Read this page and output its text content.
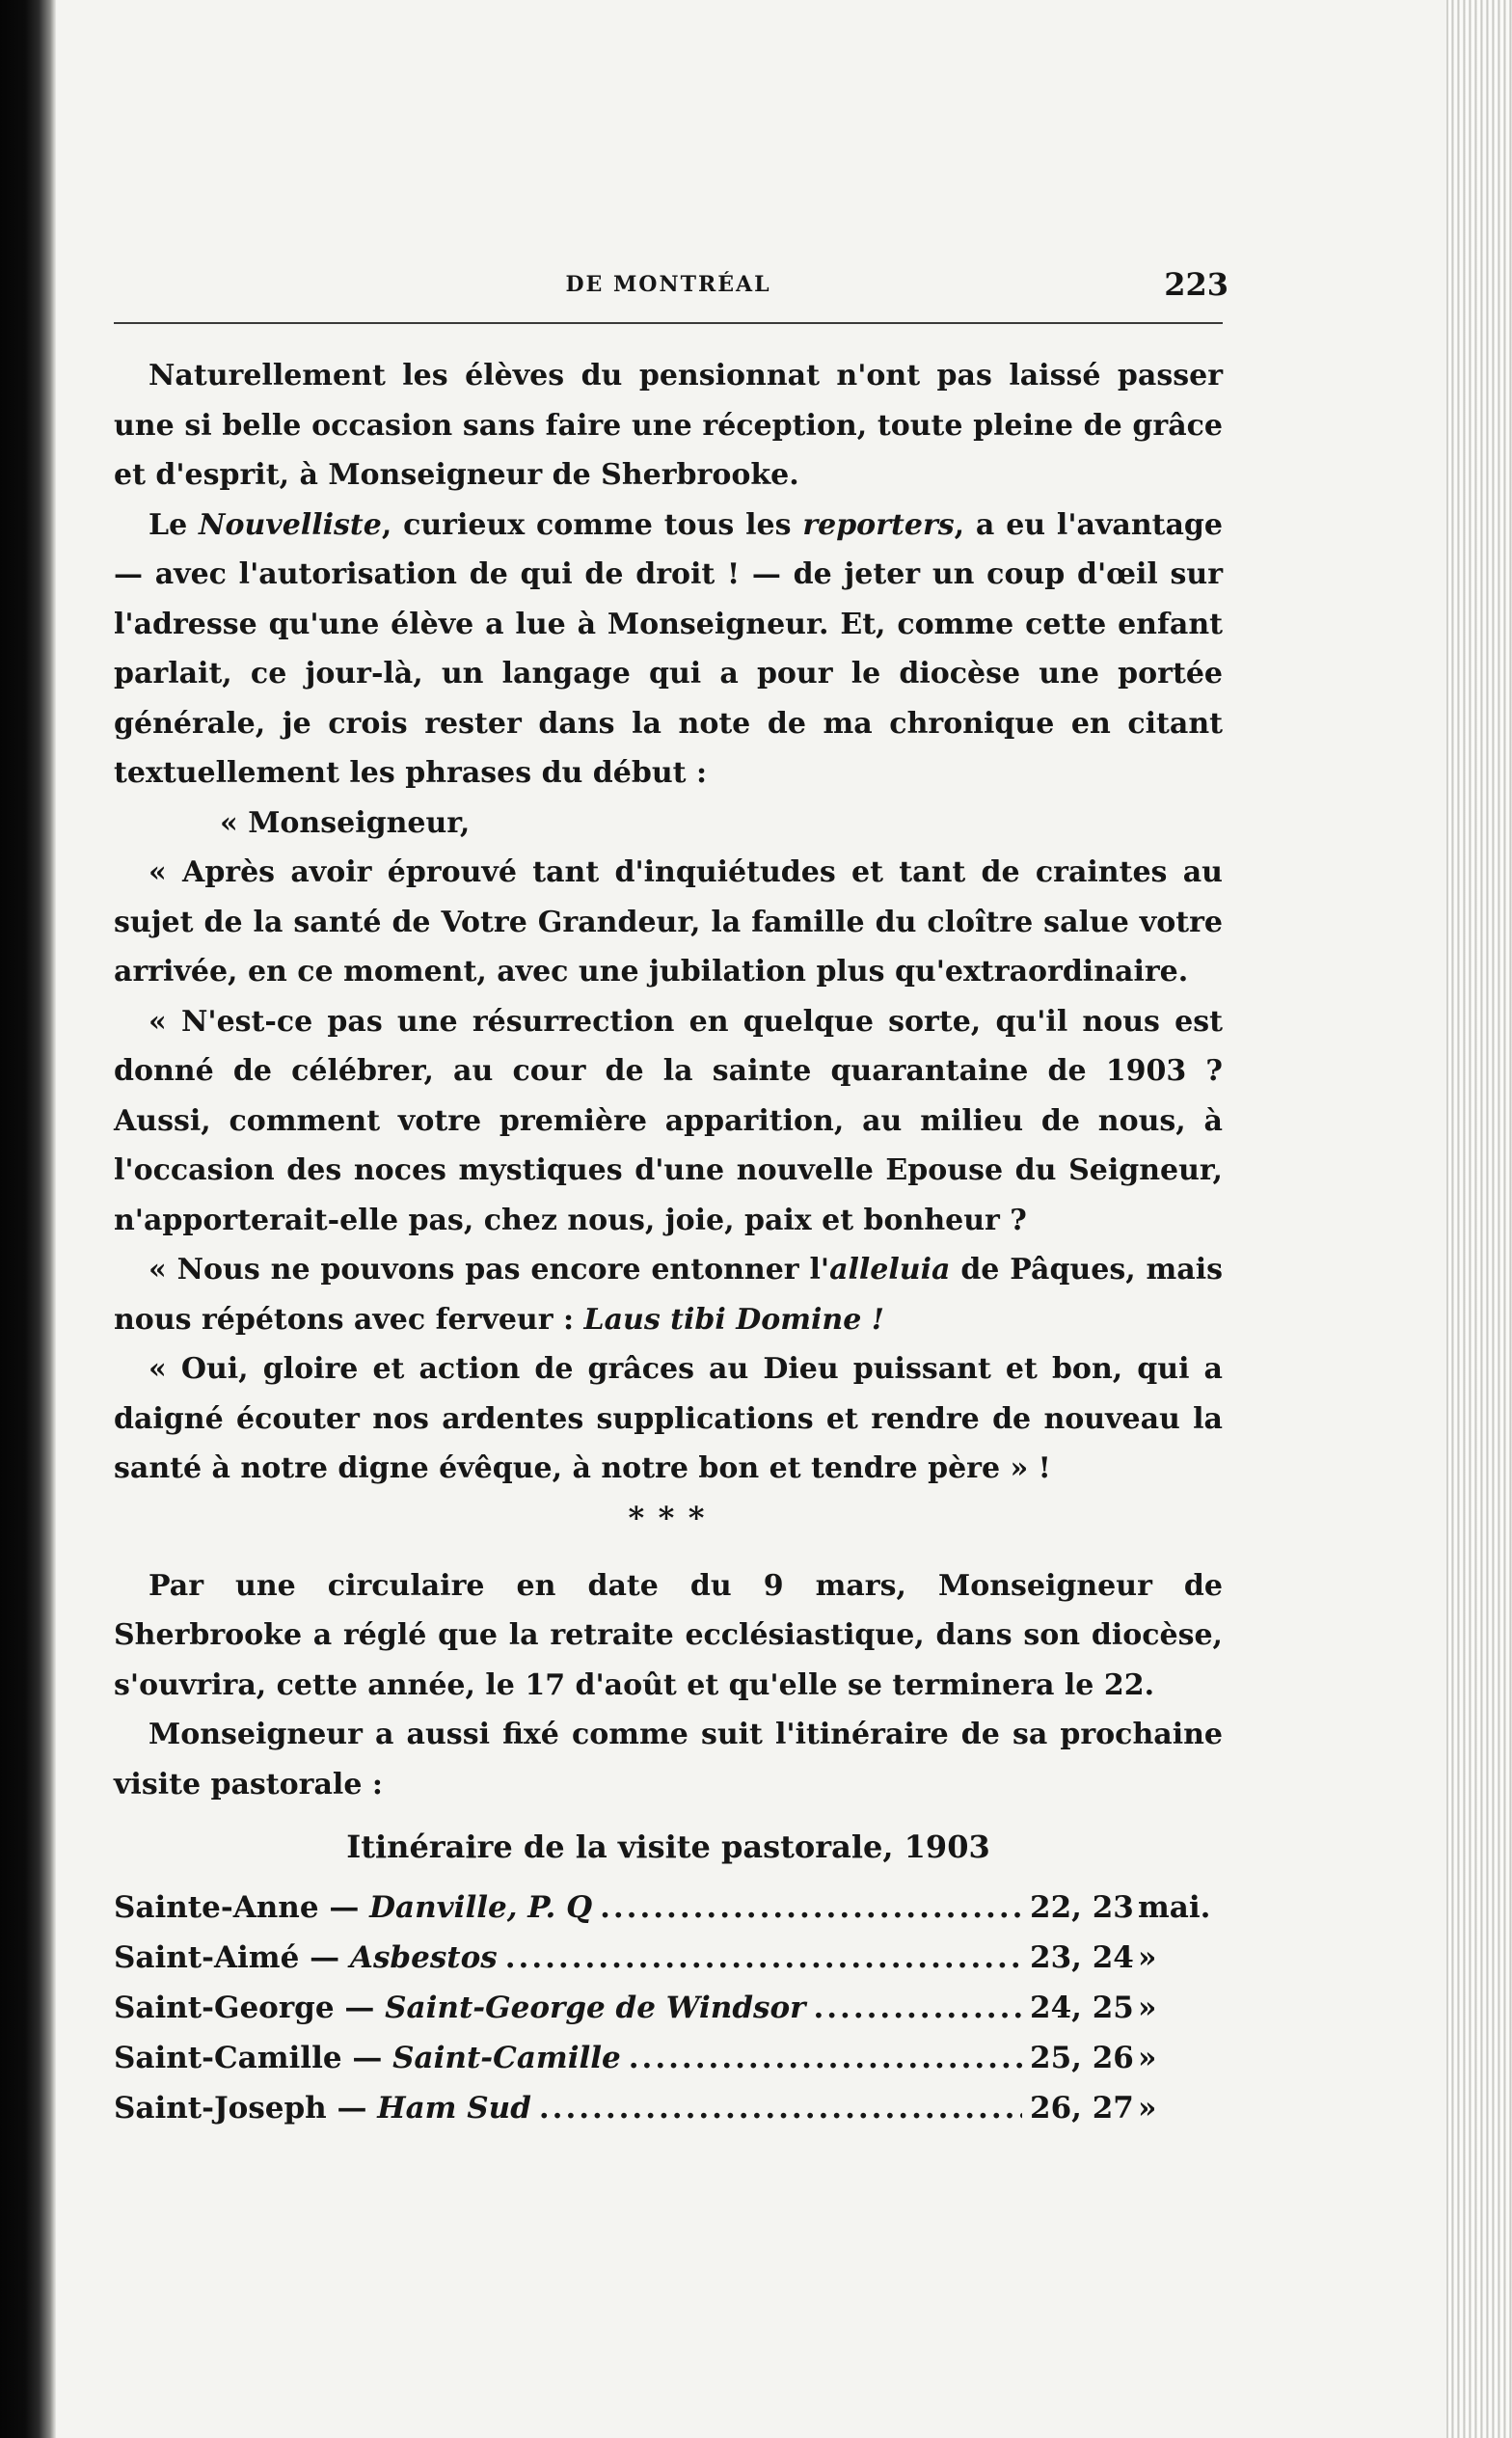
DE MONTRÉAL	223

Naturellement les élèves du pensionnat n'ont pas laissé passer une si belle occasion sans faire une réception, toute pleine de grâce et d'esprit, à Monseigneur de Sherbrooke.

Le Nouvelliste, curieux comme tous les reporters, a eu l'avantage — avec l'autorisation de qui de droit ! — de jeter un coup d'œil sur l'adresse qu'une élève a lue à Monseigneur. Et, comme cette enfant parlait, ce jour-là, un langage qui a pour le diocèse une portée générale, je crois rester dans la note de ma chronique en citant textuellement les phrases du début :

« Monseigneur,

« Après avoir éprouvé tant d'inquiétudes et tant de craintes au sujet de la santé de Votre Grandeur, la famille du cloître salue votre arrivée, en ce moment, avec une jubilation plus qu'extraordinaire.

« N'est-ce pas une résurrection en quelque sorte, qu'il nous est donné de célébrer, au cour de la sainte quarantaine de 1903 ? Aussi, comment votre première apparition, au milieu de nous, à l'occasion des noces mystiques d'une nouvelle Epouse du Seigneur, n'apporterait-elle pas, chez nous, joie, paix et bonheur ?

« Nous ne pouvons pas encore entonner l'alleluia de Pâques, mais nous répétons avec ferveur : Laus tibi Domine !

« Oui, gloire et action de grâces au Dieu puissant et bon, qui a daigné écouter nos ardentes supplications et rendre de nouveau la santé à notre digne évêque, à notre bon et tendre père » !

* * *

Par une circulaire en date du 9 mars, Monseigneur de Sherbrooke a réglé que la retraite ecclésiastique, dans son diocèse, s'ouvrira, cette année, le 17 d'août et qu'elle se terminera le 22.

Monseigneur a aussi fixé comme suit l'itinéraire de sa prochaine visite pastorale :

Itinéraire de la visite pastorale, 1903
Sainte-Anne — Danville, P. Q .....	22, 23 mai.
Saint-Aimé — Asbestos .....	23, 24 »
Saint-George — Saint-George de Windsor .....	24, 25 »
Saint-Camille — Saint-Camille .....	25, 26 »
Saint-Joseph — Ham Sud .....	26, 27 »
